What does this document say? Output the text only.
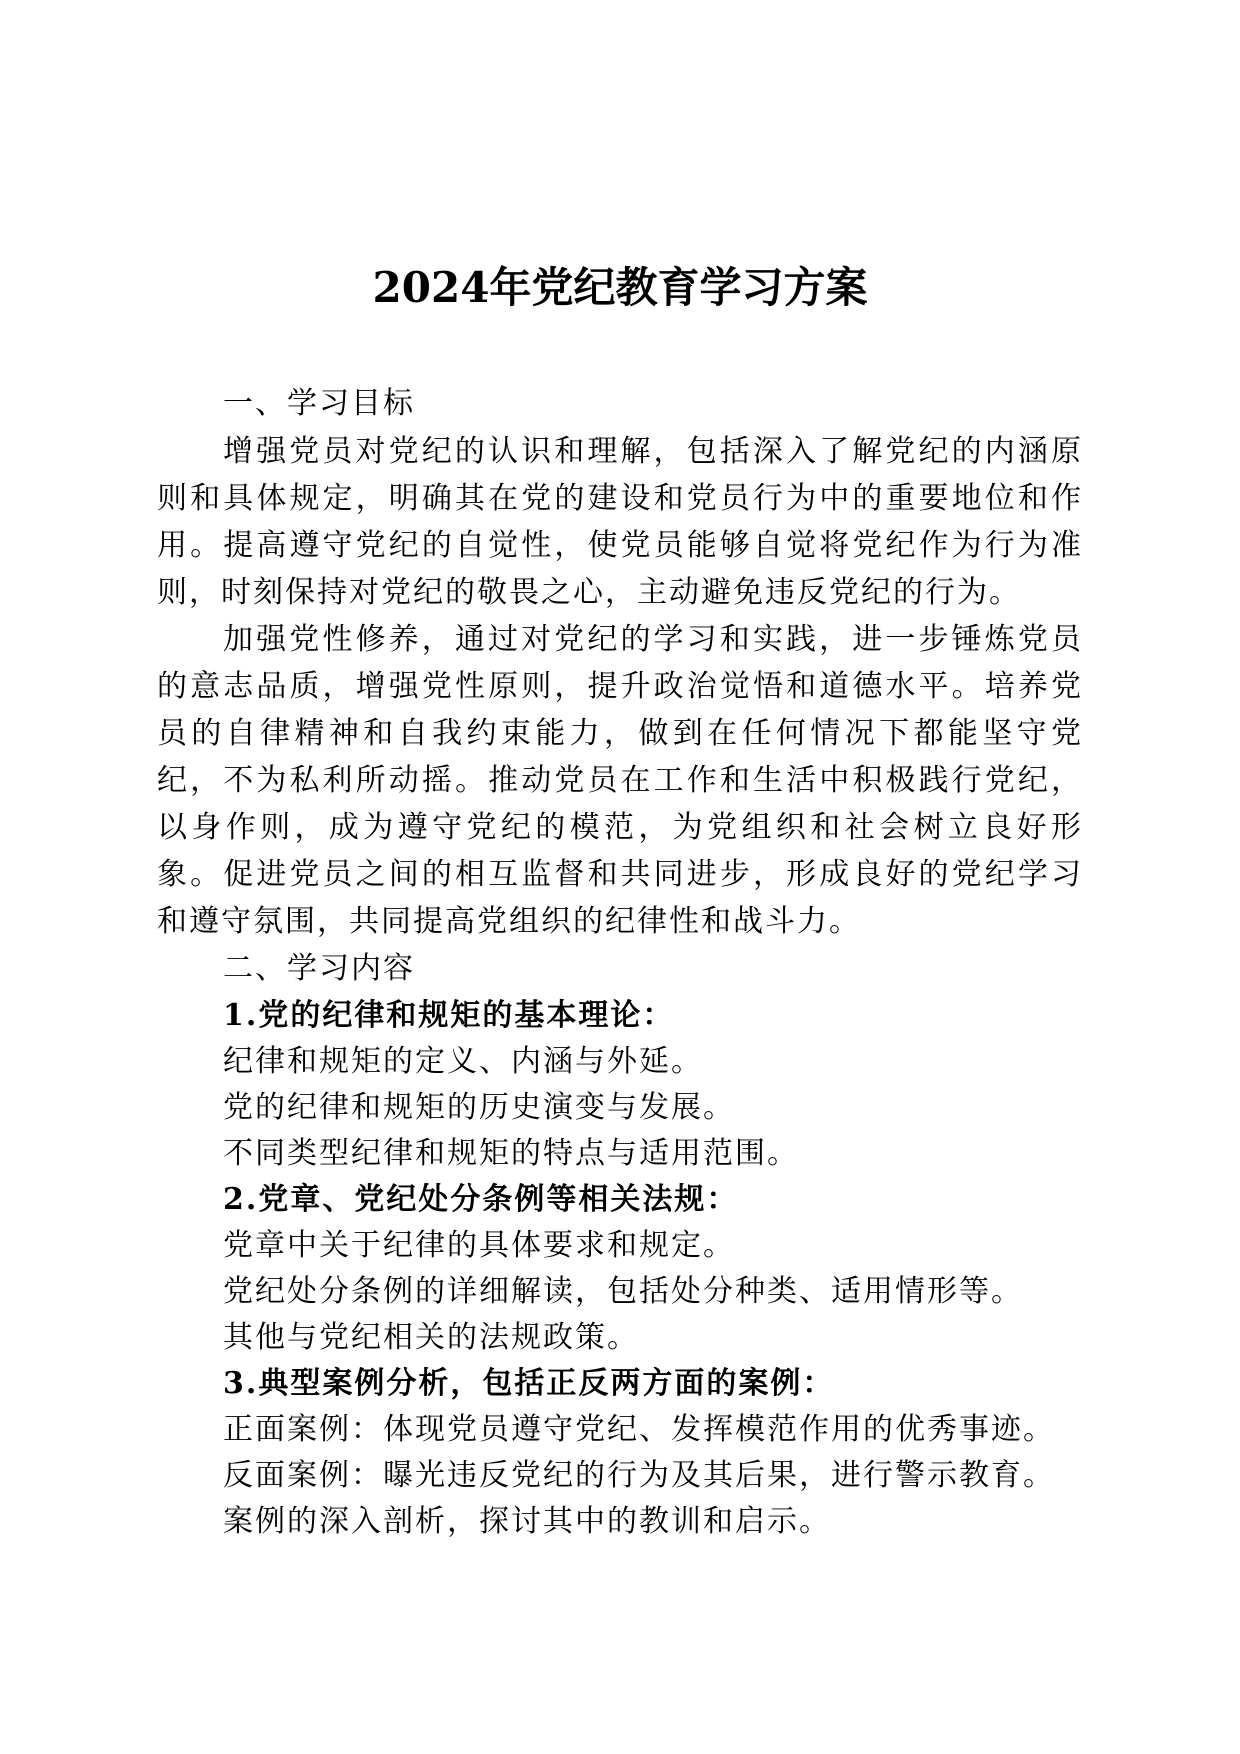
2024年党纪教育学习方案
一、学习目标

增强党员对党纪的认识和理解，包括深入了解党纪的内涵原则和具体规定，明确其在党的建设和党员行为中的重要地位和作用。提高遵守党纪的自觉性，使党员能够自觉将党纪作为行为准则，时刻保持对党纪的敬畏之心，主动避免违反党纪的行为。

加强党性修养，通过对党纪的学习和实践，进一步锤炼党员的意志品质，增强党性原则，提升政治觉悟和道德水平。培养党员的自律精神和自我约束能力，做到在任何情况下都能坚守党纪，不为私利所动摇。推动党员在工作和生活中积极践行党纪，以身作则，成为遵守党纪的模范，为党组织和社会树立良好形象。促进党员之间的相互监督和共同进步，形成良好的党纪学习和遵守氛围，共同提高党组织的纪律性和战斗力。

二、学习内容
1.党的纪律和规矩的基本理论：

纪律和规矩的定义、内涵与外延。

党的纪律和规矩的历史演变与发展。

不同类型纪律和规矩的特点与适用范围。

2.党章、党纪处分条例等相关法规：

党章中关于纪律的具体要求和规定。

党纪处分条例的详细解读，包括处分种类、适用情形等。

其他与党纪相关的法规政策。

3.典型案例分析，包括正反两方面的案例：

正面案例：体现党员遵守党纪、发挥模范作用的优秀事迹。

反面案例：曝光违反党纪的行为及其后果，进行警示教育。

案例的深入剖析，探讨其中的教训和启示。
